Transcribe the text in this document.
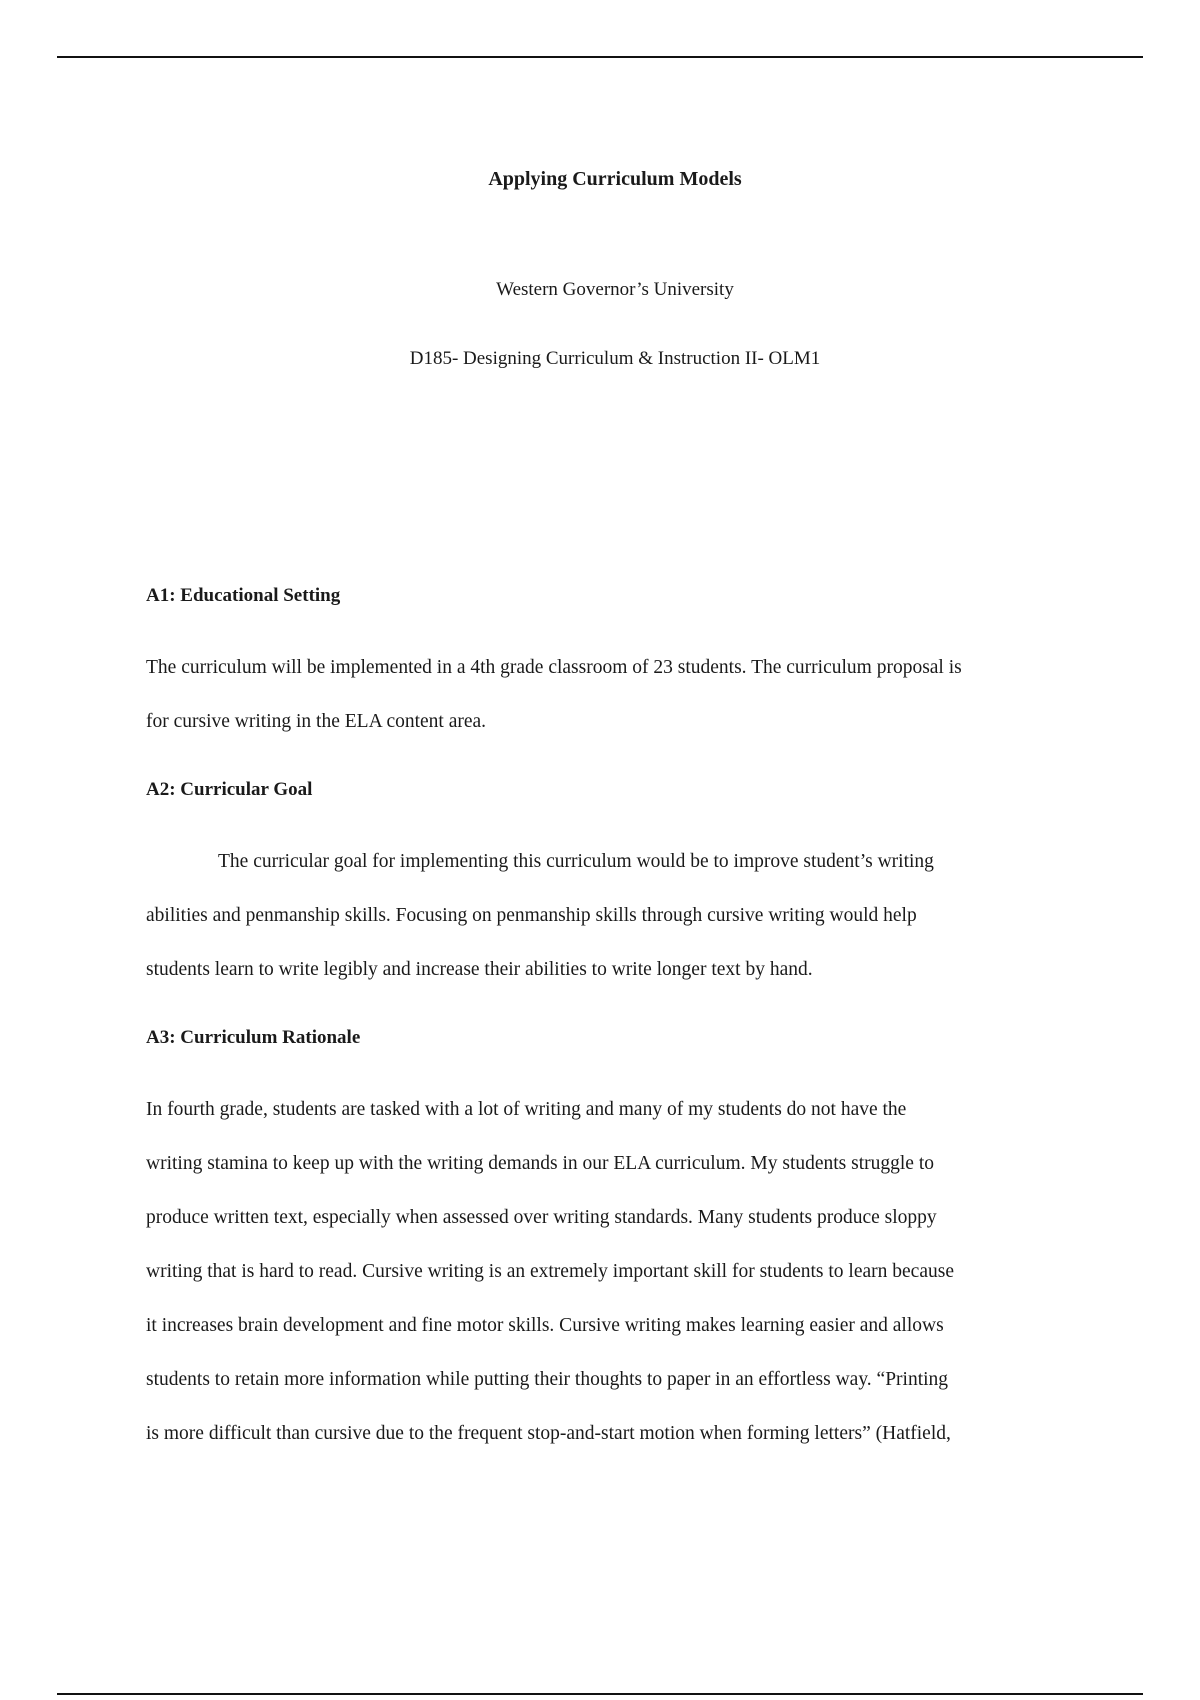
Applying Curriculum Models
Western Governor’s University
D185- Designing Curriculum & Instruction II- OLM1
A1: Educational Setting
The curriculum will be implemented in a 4th grade classroom of 23 students. The curriculum proposal is
for cursive writing in the ELA content area.
A2: Curricular Goal
The curricular goal for implementing this curriculum would be to improve student’s writing
abilities and penmanship skills. Focusing on penmanship skills through cursive writing would help
students learn to write legibly and increase their abilities to write longer text by hand.
A3: Curriculum Rationale
In fourth grade, students are tasked with a lot of writing and many of my students do not have the
writing stamina to keep up with the writing demands in our ELA curriculum. My students struggle to
produce written text, especially when assessed over writing standards. Many students produce sloppy
writing that is hard to read. Cursive writing is an extremely important skill for students to learn because
it increases brain development and fine motor skills. Cursive writing makes learning easier and allows
students to retain more information while putting their thoughts to paper in an effortless way. “Printing
is more difficult than cursive due to the frequent stop-and-start motion when forming letters” (Hatfield,
